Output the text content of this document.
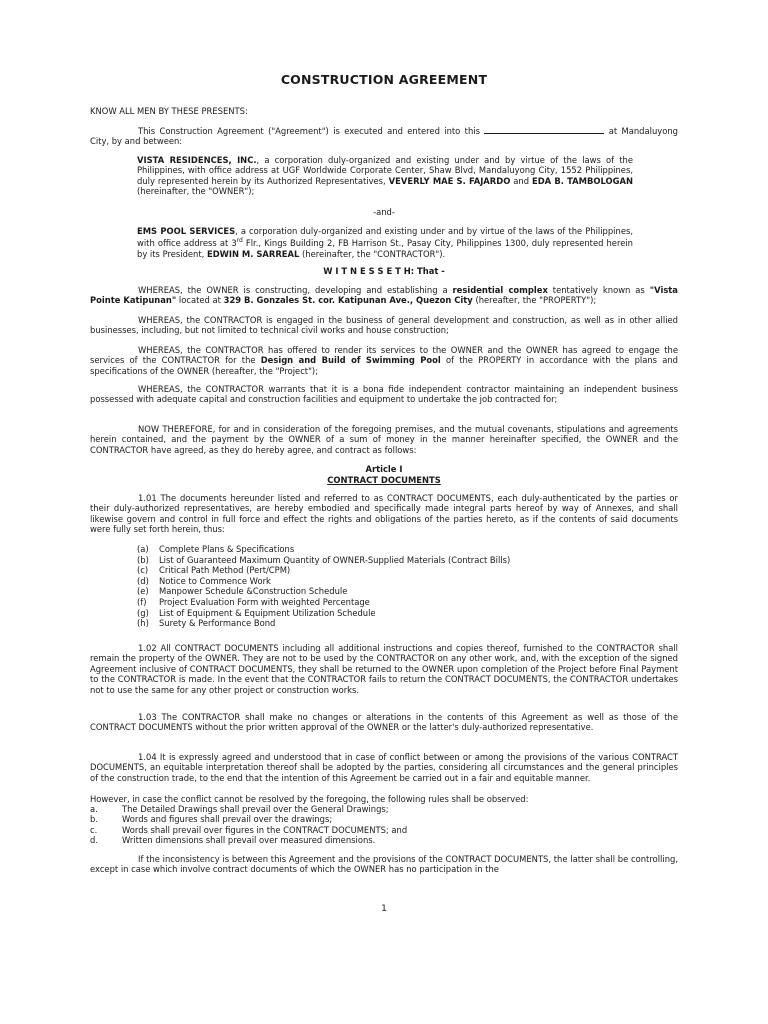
CONSTRUCTION AGREEMENT
KNOW ALL MEN BY THESE PRESENTS:
This Construction Agreement ("Agreement") is executed and entered into this	at Mandaluyong City, by and between:
VISTA RESIDENCES, INC., a corporation duly-organized and existing under and by virtue of the laws of the Philippines, with office address at UGF Worldwide Corporate Center, Shaw Blvd, Mandaluyong City, 1552 Philippines, duly represented herein by its Authorized Representatives, VEVERLY MAE S. FAJARDO and EDA B. TAMBOLOGAN (hereinafter, the "OWNER");
-and-
EMS POOL SERVICES, a corporation duly-organized and existing under and by virtue of the laws of the Philippines, with office address at 3rd Flr., Kings Building 2, FB Harrison St., Pasay City, Philippines 1300, duly represented herein by its President, EDWIN M. SARREAL (hereinafter, the "CONTRACTOR").
W I T N E S S E T H: That -
WHEREAS, the OWNER is constructing, developing and establishing a residential complex tentatively known as "Vista Pointe Katipunan" located at 329 B. Gonzales St. cor. Katipunan Ave., Quezon City (hereafter, the "PROPERTY");
WHEREAS, the CONTRACTOR is engaged in the business of general development and construction, as well as in other allied businesses, including, but not limited to technical civil works and house construction;
WHEREAS, the CONTRACTOR has offered to render its services to the OWNER and the OWNER has agreed to engage the services of the CONTRACTOR for the Design and Build of Swimming Pool of the PROPERTY in accordance with the plans and specifications of the OWNER (hereafter, the "Project");
WHEREAS, the CONTRACTOR warrants that it is a bona fide independent contractor maintaining an independent business possessed with adequate capital and construction facilities and equipment to undertake the job contracted for;
NOW THEREFORE, for and in consideration of the foregoing premises, and the mutual covenants, stipulations and agreements herein contained, and the payment by the OWNER of a sum of money in the manner hereinafter specified, the OWNER and the CONTRACTOR have agreed, as they do hereby agree, and contract as follows:
Article I
CONTRACT DOCUMENTS
1.01 The documents hereunder listed and referred to as CONTRACT DOCUMENTS, each duly-authenticated by the parties or their duly-authorized representatives, are hereby embodied and specifically made integral parts hereof by way of Annexes, and shall likewise govern and control in full force and effect the rights and obligations of the parties hereto, as if the contents of said documents were fully set forth herein, thus:
(a) Complete Plans & Specifications
(b) List of Guaranteed Maximum Quantity of OWNER-Supplied Materials (Contract Bills)
(c) Critical Path Method (Pert/CPM)
(d) Notice to Commence Work
(e) Manpower Schedule &Construction Schedule
(f) Project Evaluation Form with weighted Percentage
(g) List of Equipment & Equipment Utilization Schedule
(h) Surety & Performance Bond
1.02 All CONTRACT DOCUMENTS including all additional instructions and copies thereof, furnished to the CONTRACTOR shall remain the property of the OWNER. They are not to be used by the CONTRACTOR on any other work, and, with the exception of the signed Agreement inclusive of CONTRACT DOCUMENTS, they shall be returned to the OWNER upon completion of the Project before Final Payment to the CONTRACTOR is made. In the event that the CONTRACTOR fails to return the CONTRACT DOCUMENTS, the CONTRACTOR undertakes not to use the same for any other project or construction works.
1.03 The CONTRACTOR shall make no changes or alterations in the contents of this Agreement as well as those of the CONTRACT DOCUMENTS without the prior written approval of the OWNER or the latter's duly-authorized representative.
1.04 It is expressly agreed and understood that in case of conflict between or among the provisions of the various CONTRACT DOCUMENTS, an equitable interpretation thereof shall be adopted by the parties, considering all circumstances and the general principles of the construction trade, to the end that the intention of this Agreement be carried out in a fair and equitable manner.
However, in case the conflict cannot be resolved by the foregoing, the following rules shall be observed:
a.	The Detailed Drawings shall prevail over the General Drawings;
b.	Words and figures shall prevail over the drawings;
c.	Words shall prevail over figures in the CONTRACT DOCUMENTS; and
d.	Written dimensions shall prevail over measured dimensions.
If the inconsistency is between this Agreement and the provisions of the CONTRACT DOCUMENTS, the latter shall be controlling, except in case which involve contract documents of which the OWNER has no participation in the
1
